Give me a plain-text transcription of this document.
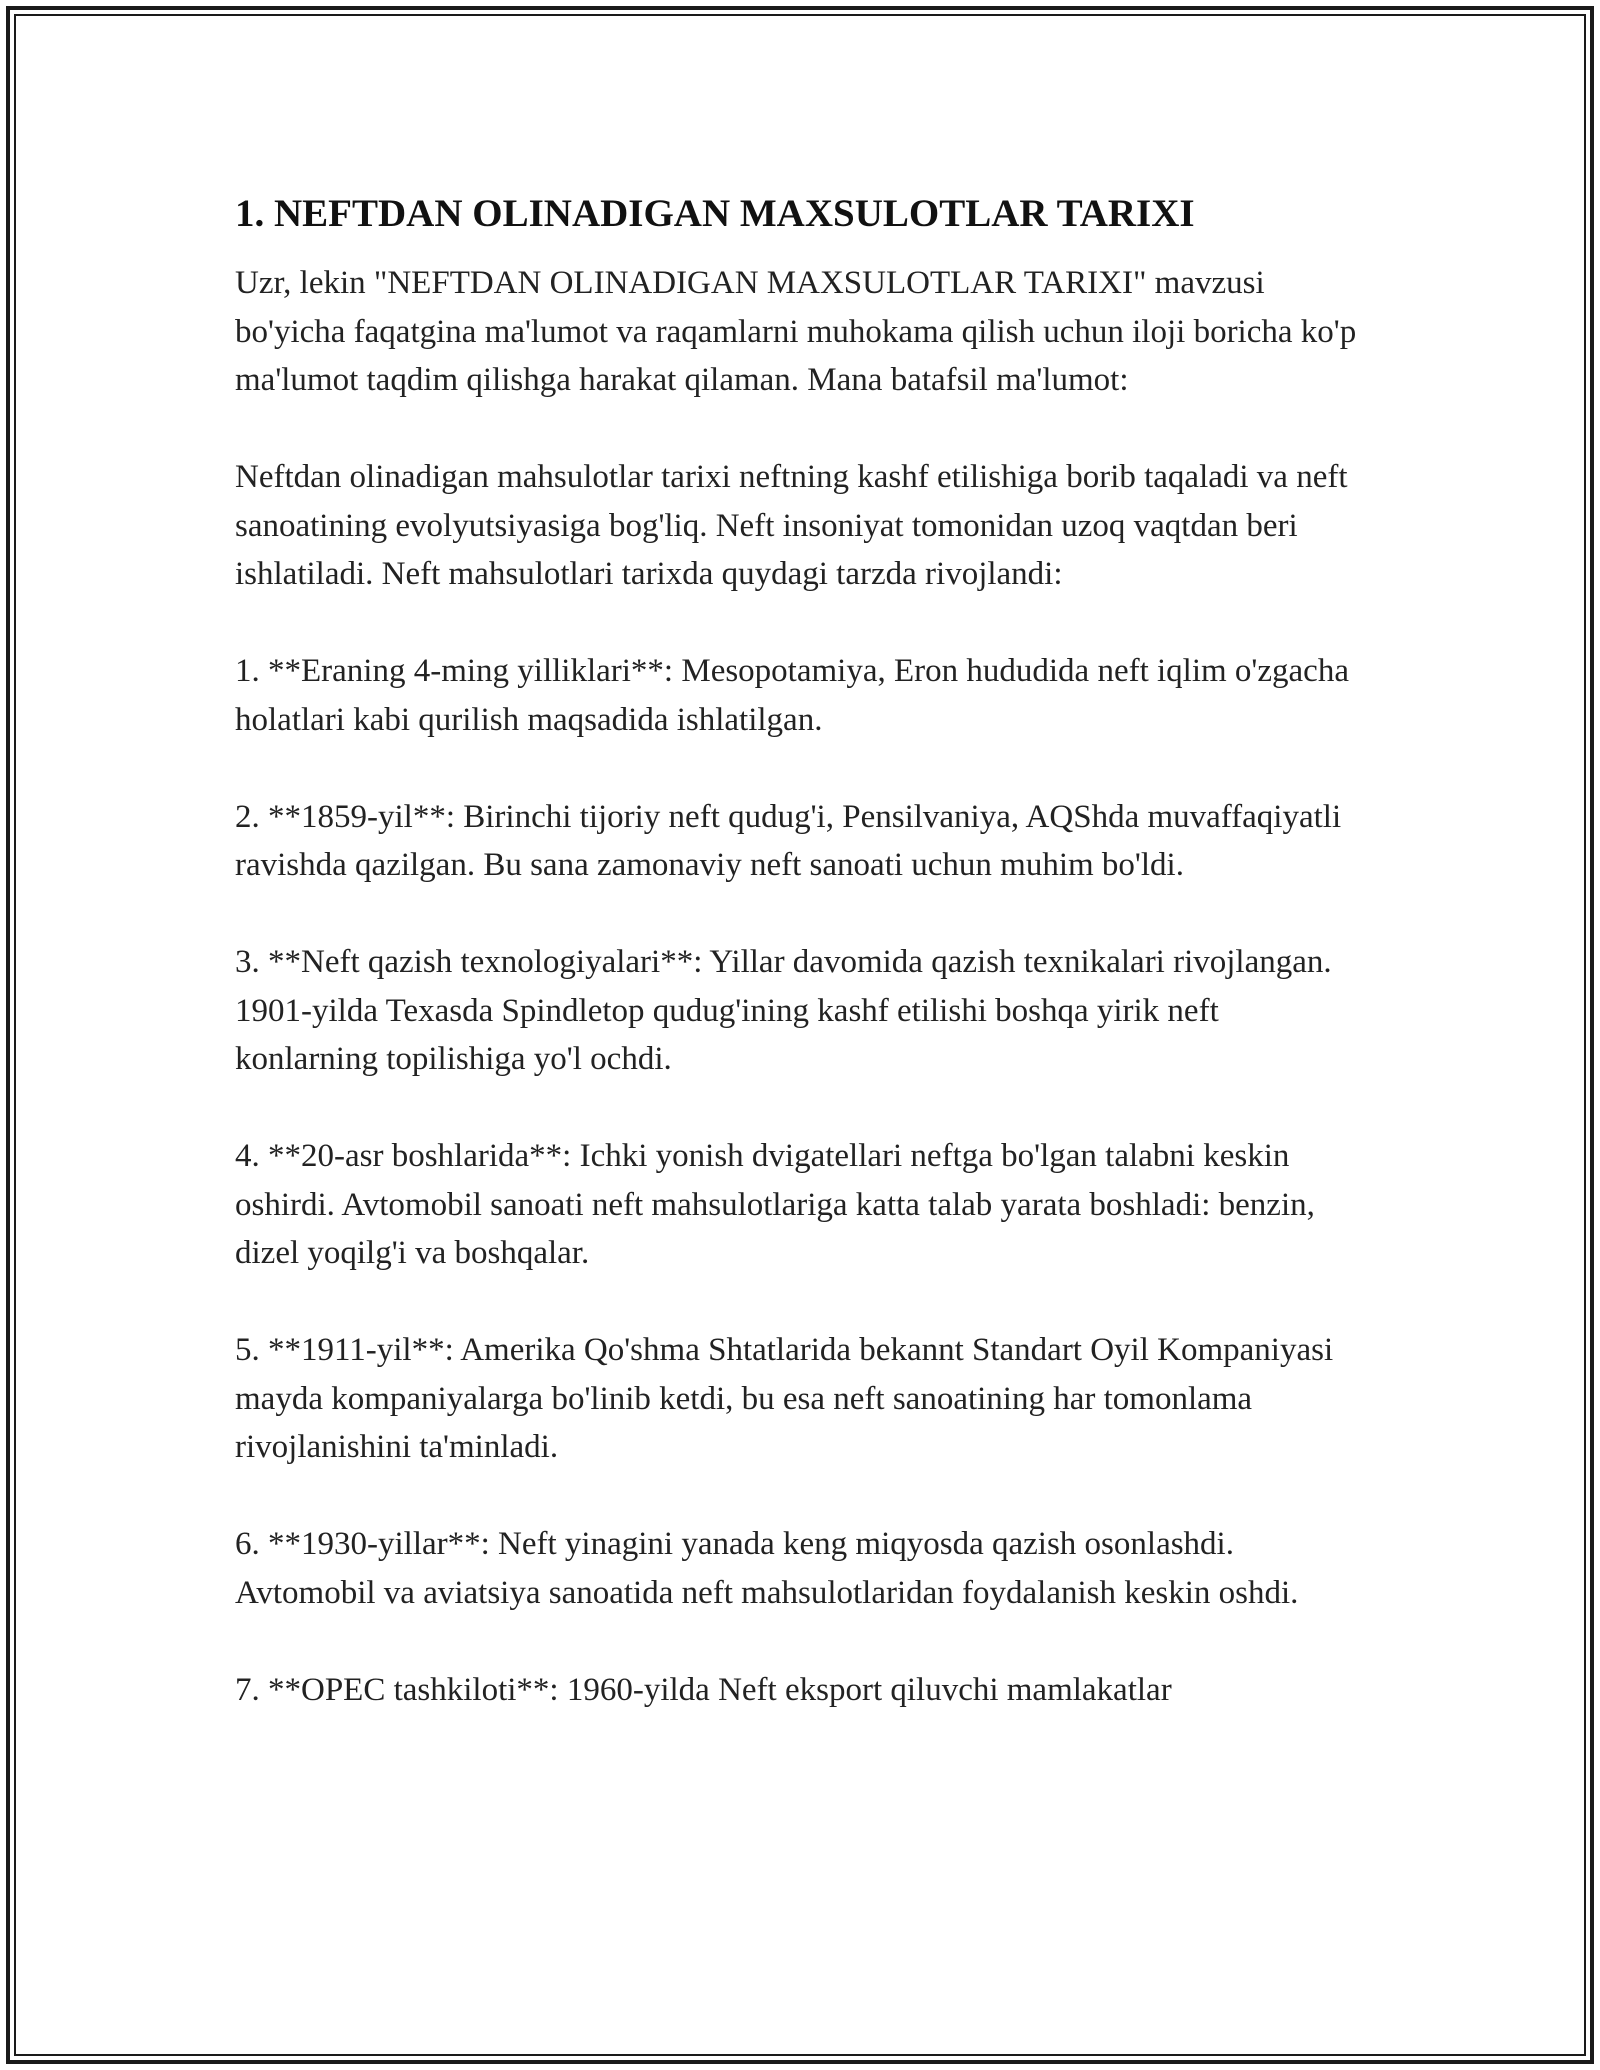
1. NEFTDAN OLINADIGAN MAXSULOTLAR TARIXI

Uzr, lekin "NEFTDAN OLINADIGAN MAXSULOTLAR TARIXI" mavzusi bo'yicha faqatgina ma'lumot va raqamlarni muhokama qilish uchun iloji boricha ko'p ma'lumot taqdim qilishga harakat qilaman. Mana batafsil ma'lumot:

Neftdan olinadigan mahsulotlar tarixi neftning kashf etilishiga borib taqaladi va neft sanoatining evolyutsiyasiga bog'liq. Neft insoniyat tomonidan uzoq vaqtdan beri ishlatiladi. Neft mahsulotlari tarixda quydagi tarzda rivojlandi:

1. **Eraning 4-ming yilliklari**: Mesopotamiya, Eron hududida neft iqlim o'zgacha holatlari kabi qurilish maqsadida ishlatilgan.

2. **1859-yil**: Birinchi tijoriy neft qudug'i, Pensilvaniya, AQShda muvaffaqiyatli ravishda qazilgan. Bu sana zamonaviy neft sanoati uchun muhim bo'ldi.

3. **Neft qazish texnologiyalari**: Yillar davomida qazish texnikalari rivojlangan. 1901-yilda Texasda Spindletop qudug'ining kashf etilishi boshqa yirik neft konlarning topilishiga yo'l ochdi.

4. **20-asr boshlarida**: Ichki yonish dvigatellari neftga bo'lgan talabni keskin oshirdi. Avtomobil sanoati neft mahsulotlariga katta talab yarata boshladi: benzin, dizel yoqilg'i va boshqalar.

5. **1911-yil**: Amerika Qo'shma Shtatlarida bekannt Standart Oyil Kompaniyasi mayda kompaniyalarga bo'linib ketdi, bu esa neft sanoatining har tomonlama rivojlanishini ta'minladi.

6. **1930-yillar**: Neft yinagini yanada keng miqyosda qazish osonlashdi. Avtomobil va aviatsiya sanoatida neft mahsulotlaridan foydalanish keskin oshdi.

7. **OPEC tashkiloti**: 1960-yilda Neft eksport qiluvchi mamlakatlar
